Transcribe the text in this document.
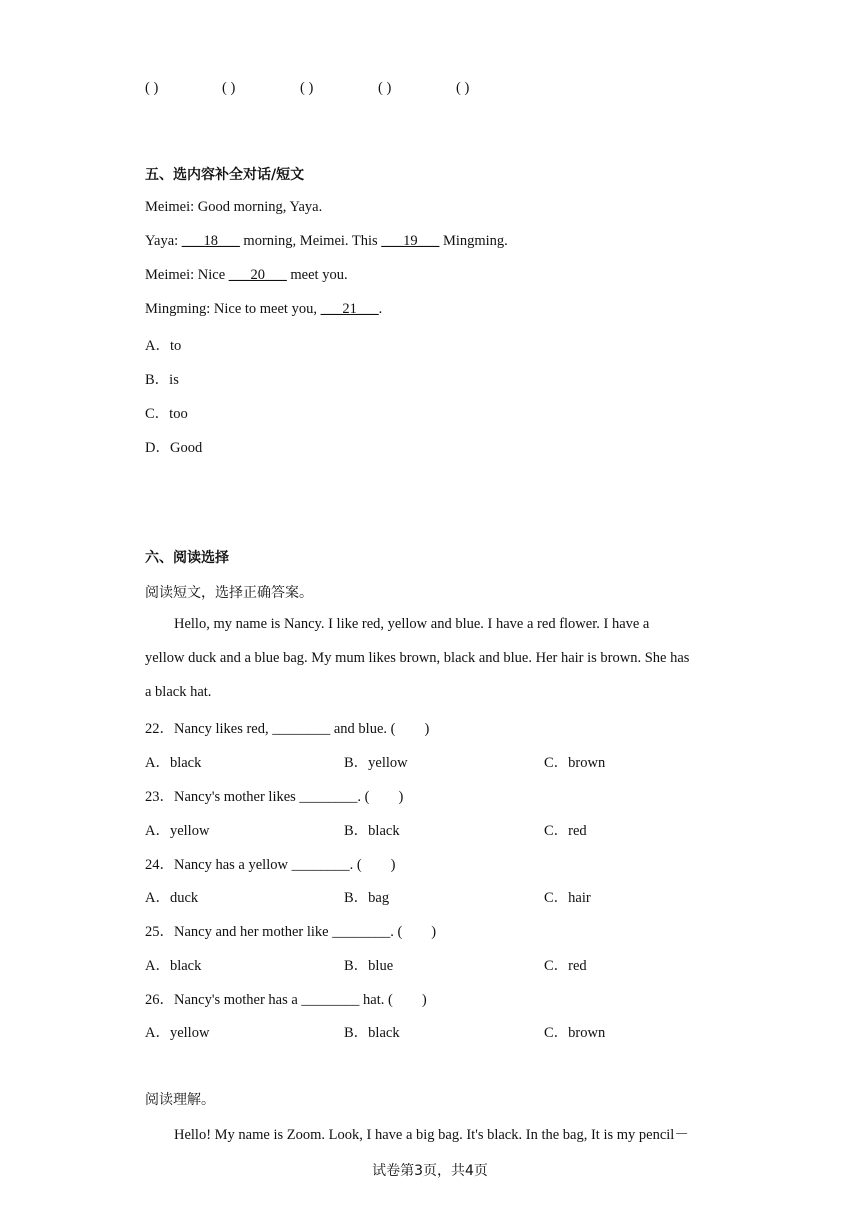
( )	( )	( )	( )	( )
五、选内容补全对话/短文
Meimei: Good morning, Yaya.
Yaya: ___18___ morning, Meimei. This ___19___ Mingming.
Meimei: Nice ___20___ meet you.
Mingming: Nice to meet you, ___21___.
A．to
B．is
C．too
D．Good
六、阅读选择
阅读短文，选择正确答案。
Hello, my name is Nancy. I like red, yellow and blue. I have a red flower. I have a
yellow duck and a blue bag. My mum likes brown, black and blue. Her hair is brown. She has
a black hat.
22．Nancy likes red, ________ and blue. (        )
A．black	B．yellow	C．brown
23．Nancy's mother likes ________. (        )
A．yellow	B．black	C．red
24．Nancy has a yellow ________. (        )
A．duck	B．bag	C．hair
25．Nancy and her mother like ________. (        )
A．black	B．blue	C．red
26．Nancy's mother has a ________ hat. (        )
A．yellow	B．black	C．brown
阅读理解。
Hello! My name is Zoom. Look, I have a big bag. It's black. In the bag, It is my pencil－
试卷第3页，共4页
